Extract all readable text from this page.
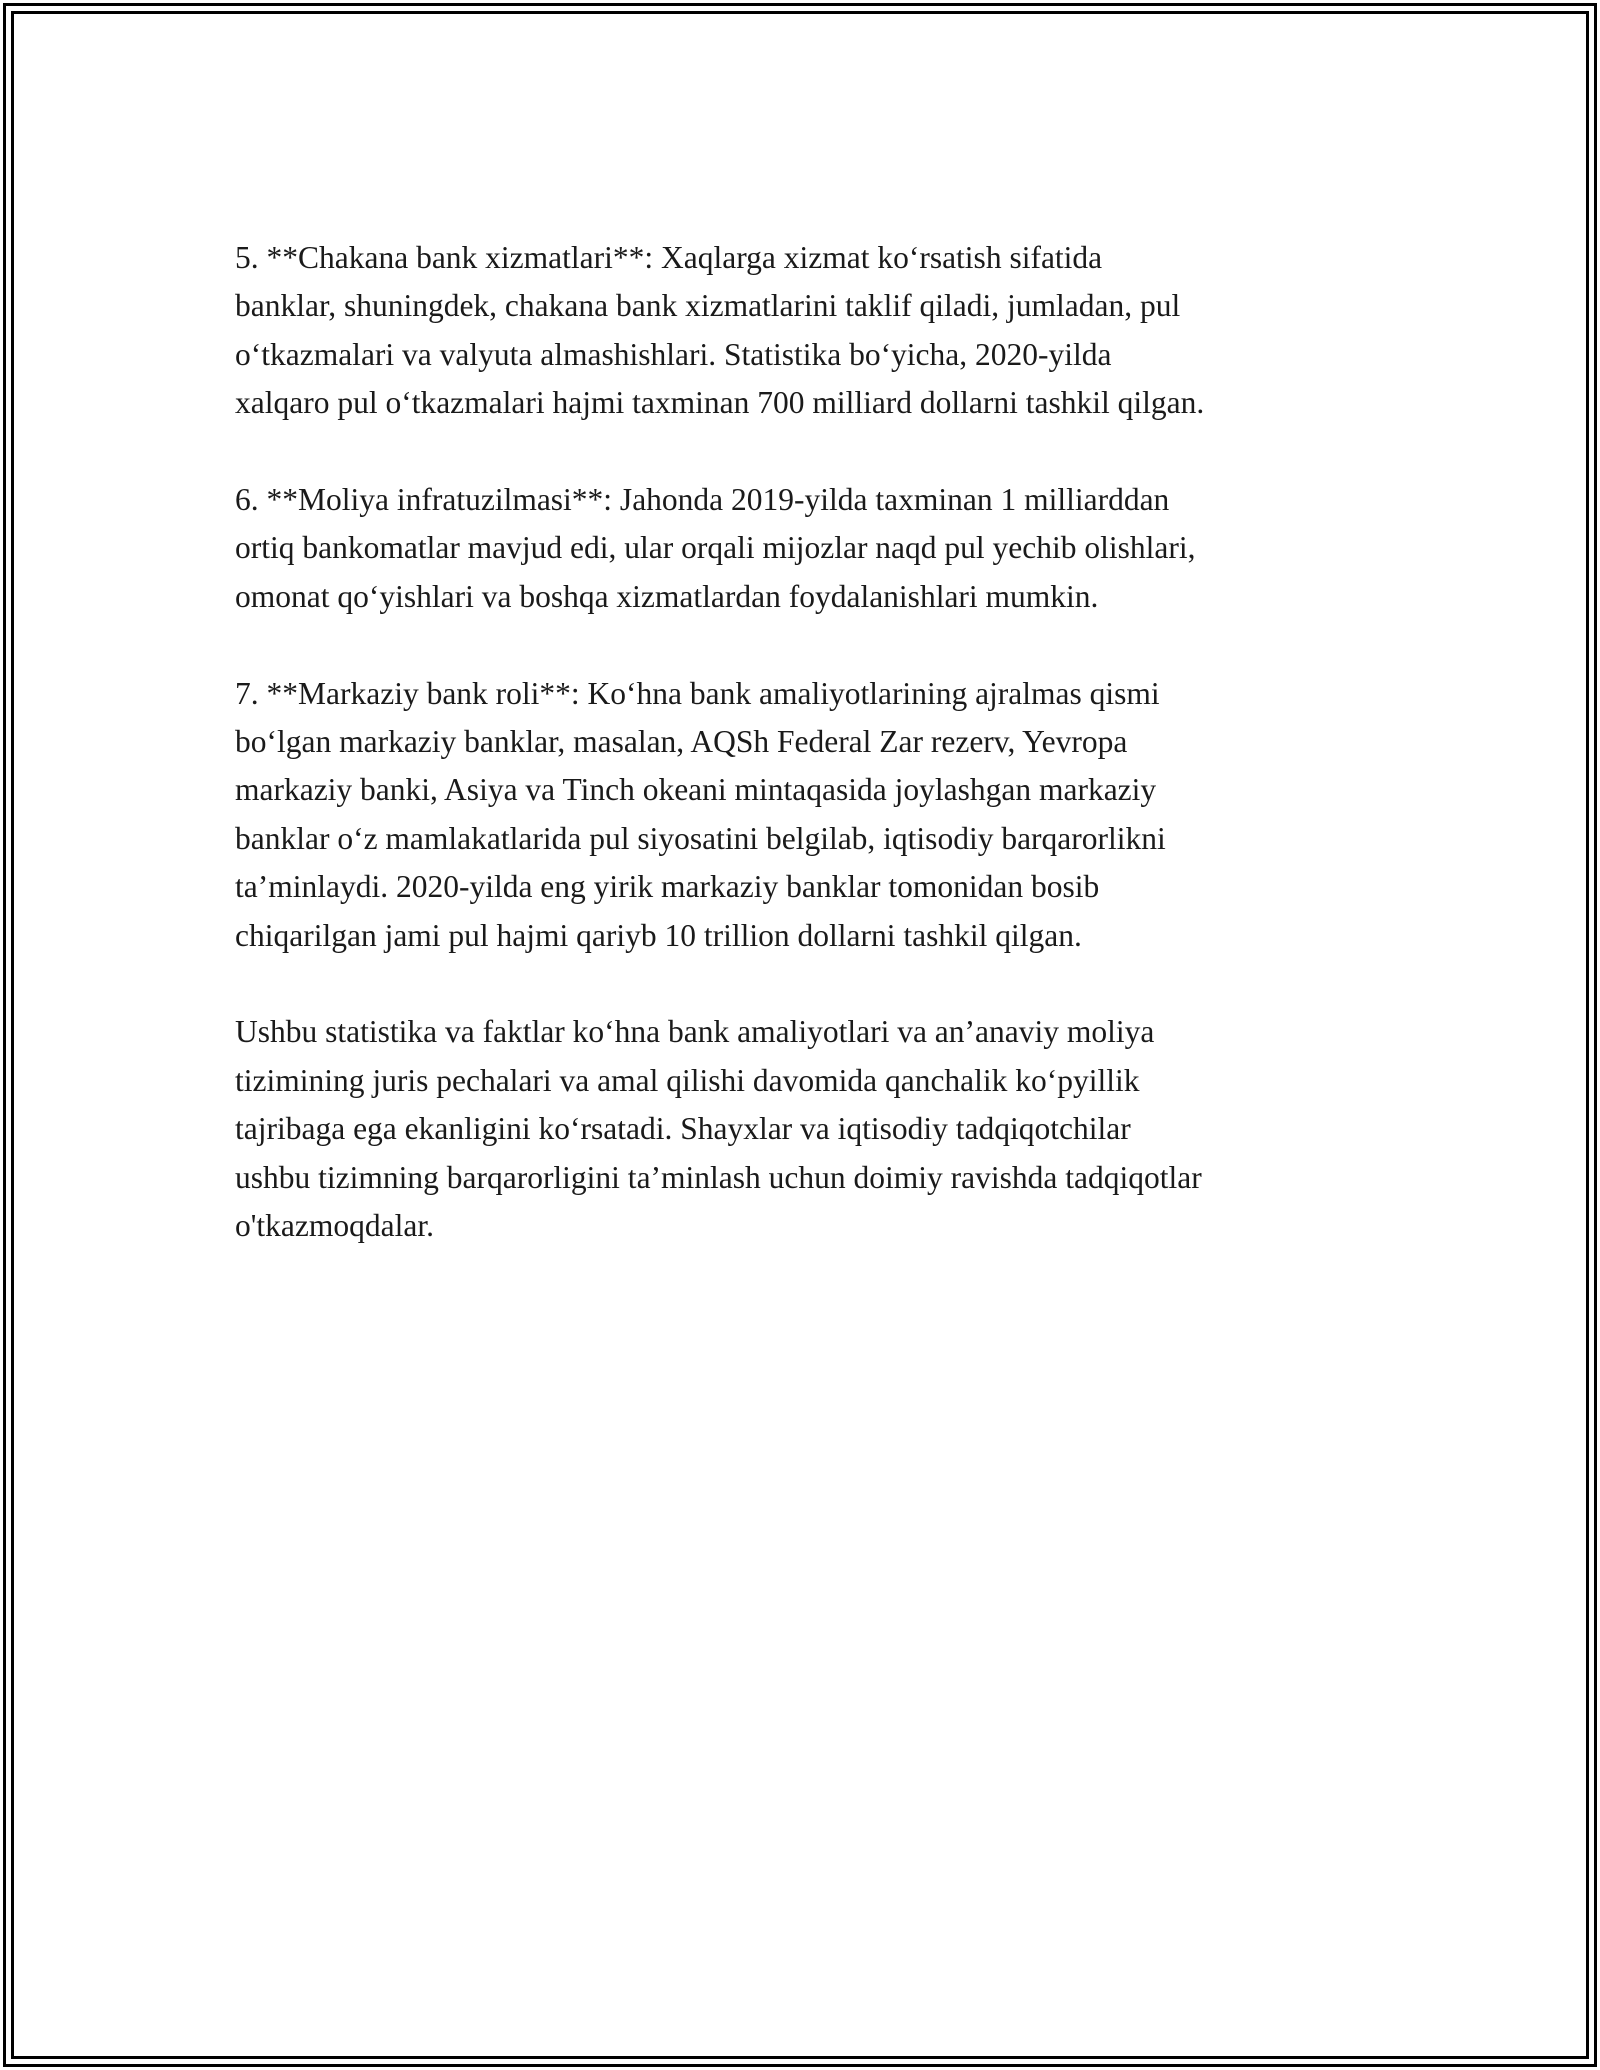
5. **Chakana bank xizmatlari**: Xaqlarga xizmat koʻrsatish sifatida
banklar, shuningdek, chakana bank xizmatlarini taklif qiladi, jumladan, pul
oʻtkazmalari va valyuta almashishlari. Statistika boʻyicha, 2020-yilda
xalqaro pul oʻtkazmalari hajmi taxminan 700 milliard dollarni tashkil qilgan.

6. **Moliya infratuzilmasi**: Jahonda 2019-yilda taxminan 1 milliarddan
ortiq bankomatlar mavjud edi, ular orqali mijozlar naqd pul yechib olishlari,
omonat qoʻyishlari va boshqa xizmatlardan foydalanishlari mumkin.

7. **Markaziy bank roli**: Koʻhna bank amaliyotlarining ajralmas qismi
boʻlgan markaziy banklar, masalan, AQSh Federal Zar rezerv, Yevropa
markaziy banki, Asiya va Tinch okeani mintaqasida joylashgan markaziy
banklar oʻz mamlakatlarida pul siyosatini belgilab, iqtisodiy barqarorlikni
ta’minlaydi. 2020-yilda eng yirik markaziy banklar tomonidan bosib
chiqarilgan jami pul hajmi qariyb 10 trillion dollarni tashkil qilgan.

Ushbu statistika va faktlar koʻhna bank amaliyotlari va an’anaviy moliya
tizimining juris pechalari va amal qilishi davomida qanchalik koʻpyillik
tajribaga ega ekanligini koʻrsatadi. Shayxlar va iqtisodiy tadqiqotchilar
ushbu tizimning barqarorligini ta’minlash uchun doimiy ravishda tadqiqotlar
o'tkazmoqdalar.
